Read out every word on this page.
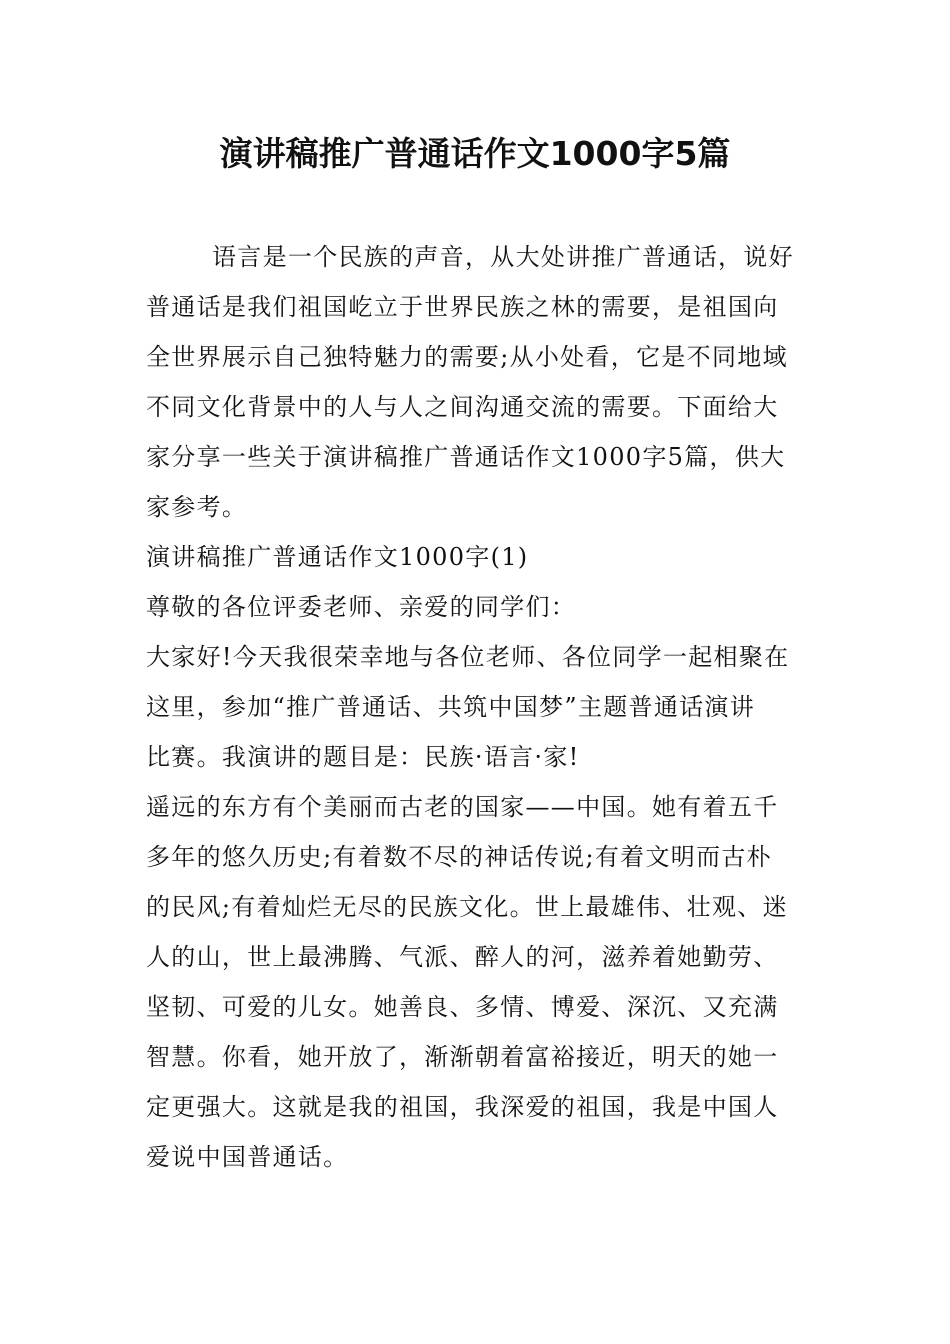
演讲稿推广普通话作文1000字5篇
语言是一个民族的声音，从大处讲推广普通话，说好
普通话是我们祖国屹立于世界民族之林的需要，是祖国向
全世界展示自己独特魅力的需要;从小处看，它是不同地域
不同文化背景中的人与人之间沟通交流的需要。下面给大
家分享一些关于演讲稿推广普通话作文1000字5篇，供大
家参考。
演讲稿推广普通话作文1000字(1)
尊敬的各位评委老师、亲爱的同学们：
大家好!今天我很荣幸地与各位老师、各位同学一起相聚在
这里，参加“推广普通话、共筑中国梦”主题普通话演讲
比赛。我演讲的题目是：民族·语言·家!
遥远的东方有个美丽而古老的国家——中国。她有着五千
多年的悠久历史;有着数不尽的神话传说;有着文明而古朴
的民风;有着灿烂无尽的民族文化。世上最雄伟、壮观、迷
人的山，世上最沸腾、气派、醉人的河，滋养着她勤劳、
坚韧、可爱的儿女。她善良、多情、博爱、深沉、又充满
智慧。你看，她开放了，渐渐朝着富裕接近，明天的她一
定更强大。这就是我的祖国，我深爱的祖国，我是中国人
爱说中国普通话。
